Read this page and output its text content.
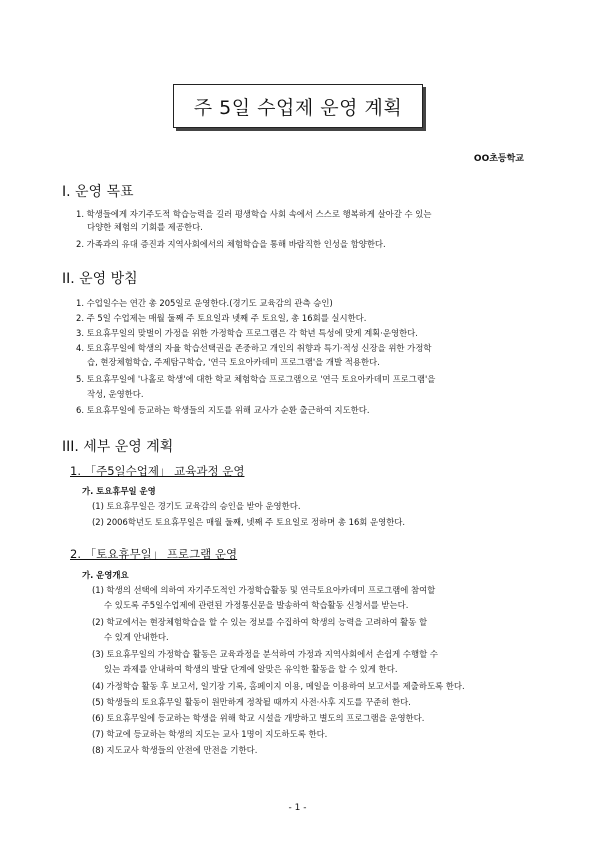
주 5일 수업제 운영 계획
OO초등학교
I. 운영 목표
1. 학생들에게 자기주도적 학습능력을 길러 평생학습 사회 속에서 스스로 행복하게 살아갈 수 있는
다양한 체험의 기회를 제공한다.
2. 가족과의 유대 증진과 지역사회에서의 체험학습을 통해 바람직한 인성을 함양한다.
II. 운영 방침
1. 수업일수는 연간 총 205일로 운영한다.(경기도 교육감의 관측 승인)
2. 주 5일 수업제는 매월 둘째 주 토요일과 넷째 주 토요일, 총 16회를 실시한다.
3. 토요휴무일의 맞벌이 가정을 위한 가정학습 프로그램은 각 학년 특성에 맞게 계획·운영한다.
4. 토요휴무일에 학생의 자율 학습선택권을 존중하고 개인의 취향과 특기·적성 신장을 위한 가정학
습, 현장체험학습, 주제탐구학습, '연극 토요아카데미 프로그램'을 개발 적용한다.
5. 토요휴무일에 '나홀로 학생'에 대한 학교 체험학습 프로그램으로 '연극 토요아카데미 프로그램'을
작성, 운영한다.
6. 토요휴무일에 등교하는 학생들의 지도를 위해 교사가 순환 출근하여 지도한다.
III. 세부 운영 계획
1. 「주5일수업제」 교육과정 운영
가. 토요휴무일 운영
(1) 토요휴무일은 경기도 교육감의 승인을 받아 운영한다.
(2) 2006학년도 토요휴무일은 매월 둘째, 넷째 주 토요일로 정하며 총 16회 운영한다.
2. 「토요휴무일」 프로그램 운영
가. 운영개요
(1) 학생의 선택에 의하여 자기주도적인 가정학습활동 및 연극토요아카데미 프로그램에 참여할
수 있도록 주5일수업제에 관련된 가정통신문을 발송하여 학습활동 신청서를 받는다.
(2) 학교에서는 현장체험학습을 할 수 있는 정보를 수집하여 학생의 능력을 고려하여 활동 할
수 있게 안내한다.
(3) 토요휴무일의 가정학습 활동은 교육과정을 분석하여 가정과 지역사회에서 손쉽게 수행할 수
있는 과제를 안내하여 학생의 발달 단계에 알맞은 유익한 활동을 할 수 있게 한다.
(4) 가정학습 활동 후 보고서, 일기장 기록, 홈페이지 이용, 메일을 이용하여 보고서를 제출하도록 한다.
(5) 학생들의 토요휴무일 활동이 원만하게 정착될 때까지 사전·사후 지도를 꾸준히 한다.
(6) 토요휴무일에 등교하는 학생을 위해 학교 시설을 개방하고 별도의 프로그램을 운영한다.
(7) 학교에 등교하는 학생의 지도는 교사 1명이 지도하도록 한다.
(8) 지도교사 학생들의 안전에 만전을 기한다.
- 1 -
